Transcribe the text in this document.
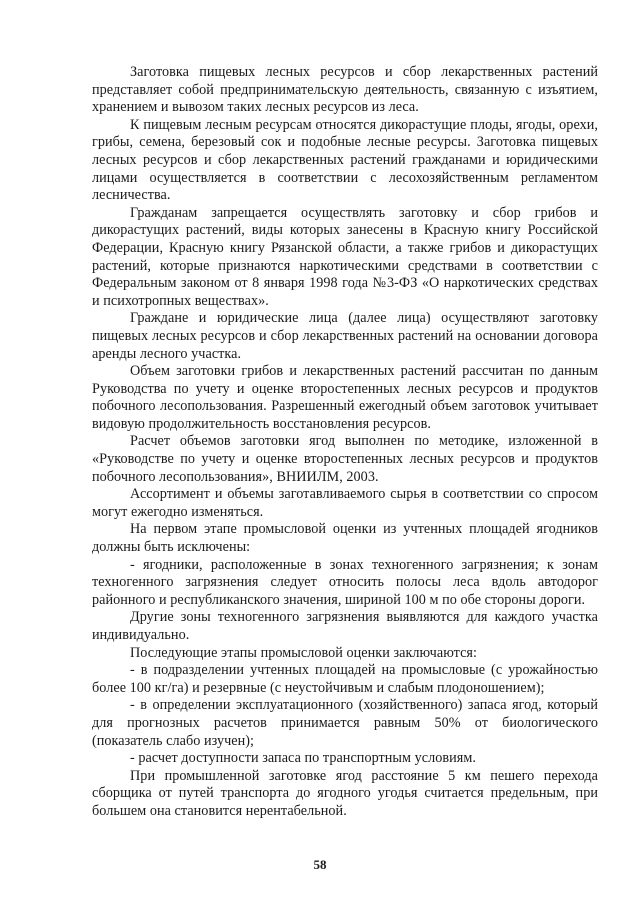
Заготовка пищевых лесных ресурсов и сбор лекарственных растений представляет собой предпринимательскую деятельность, связанную с изъятием, хранением и вывозом таких лесных ресурсов из леса.

К пищевым лесным ресурсам относятся дикорастущие плоды, ягоды, орехи, грибы, семена, березовый сок и подобные лесные ресурсы. Заготовка пищевых лесных ресурсов и сбор лекарственных растений гражданами и юридическими лицами осуществляется в соответствии с лесохозяйственным регламентом лесничества.

Гражданам запрещается осуществлять заготовку и сбор грибов и дикорастущих растений, виды которых занесены в Красную книгу Российской Федерации, Красную книгу Рязанской области, а также грибов и дикорастущих растений, которые признаются наркотическими средствами в соответствии с Федеральным законом от 8 января 1998 года №3-ФЗ «О наркотических средствах и психотропных веществах».

Граждане и юридические лица (далее лица) осуществляют заготовку пищевых лесных ресурсов и сбор лекарственных растений на основании договора аренды лесного участка.

Объем заготовки грибов и лекарственных растений рассчитан по данным Руководства по учету и оценке второстепенных лесных ресурсов и продуктов побочного лесопользования. Разрешенный ежегодный объем заготовок учитывает видовую продолжительность восстановления ресурсов.

Расчет объемов заготовки ягод выполнен по методике, изложенной в «Руководстве по учету и оценке второстепенных лесных ресурсов и продуктов побочного лесопользования», ВНИИЛМ, 2003.

Ассортимент и объемы заготавливаемого сырья в соответствии со спросом могут ежегодно изменяться.

На первом этапе промысловой оценки из учтенных площадей ягодников должны быть исключены:

- ягодники, расположенные в зонах техногенного загрязнения; к зонам техногенного загрязнения следует относить полосы леса вдоль автодорог районного и республиканского значения, шириной 100 м по обе стороны дороги.

Другие зоны техногенного загрязнения выявляются для каждого участка индивидуально.

Последующие этапы промысловой оценки заключаются:

- в подразделении учтенных площадей на промысловые (с урожайностью более 100 кг/га) и резервные (с неустойчивым и слабым плодоношением);

- в определении эксплуатационного (хозяйственного) запаса ягод, который для прогнозных расчетов принимается равным 50% от биологического (показатель слабо изучен);

- расчет доступности запаса по транспортным условиям.

При промышленной заготовке ягод расстояние 5 км пешего перехода сборщика от путей транспорта до ягодного угодья считается предельным, при большем она становится нерентабельной.

58
